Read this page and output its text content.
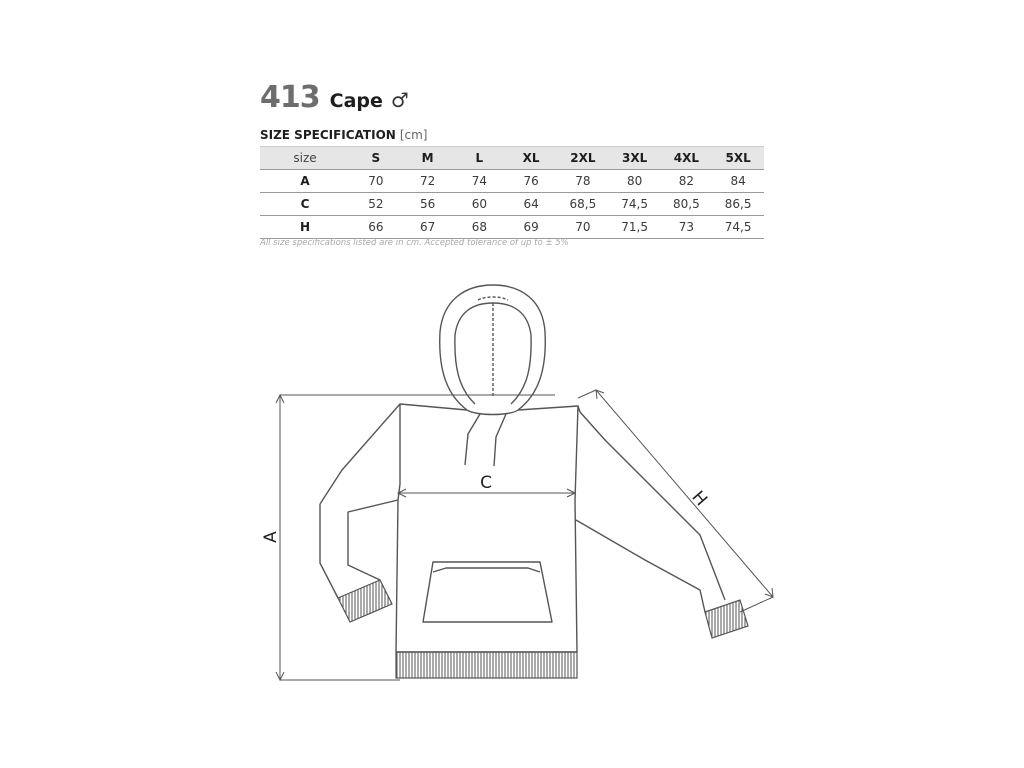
413 Cape ♂
SIZE SPECIFICATION [cm]
size	S	M	L	XL	2XL	3XL	4XL	5XL
A	70	72	74	76	78	80	82	84
C	52	56	60	64	68,5	74,5	80,5	86,5
H	66	67	68	69	70	71,5	73	74,5
All size specifications listed are in cm. Accepted tolerance of up to ± 5%
A
C
H
